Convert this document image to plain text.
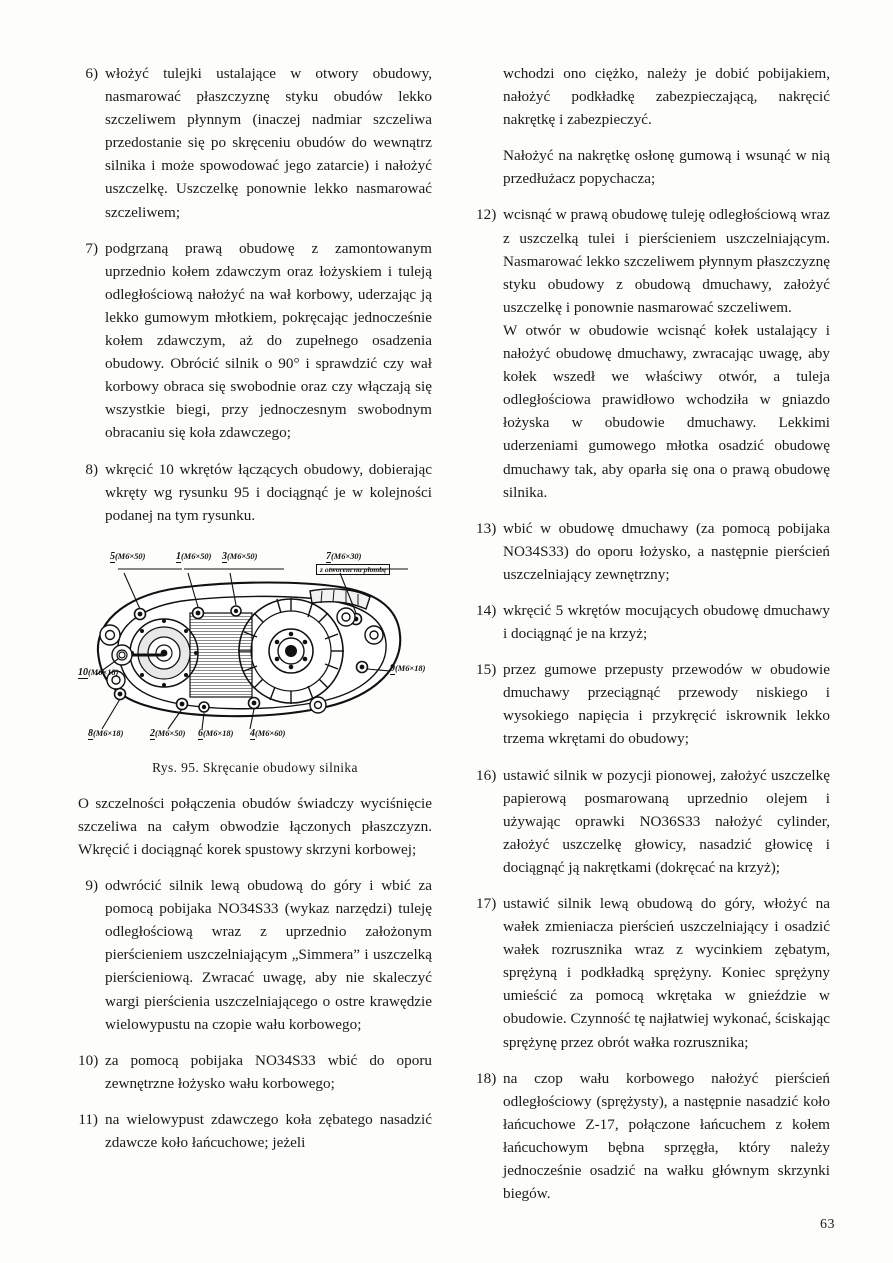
6) włożyć tulejki ustalające w otwory obudowy, nasmarować płaszczyznę styku obudów lekko szczeliwem płynnym (inaczej nadmiar szczeliwa przedostanie się po skręceniu obudów do wewnątrz silnika i może spowodować jego zatarcie) i nałożyć uszczelkę. Uszczelkę ponownie lekko nasmarować szczeliwem;
7) podgrzaną prawą obudowę z zamontowanym uprzednio kołem zdawczym oraz łożyskiem i tuleją odległościową nałożyć na wał korbowy, uderzając ją lekko gumowym młotkiem, pokręcając jednocześnie kołem zdawczym, aż do zupełnego osadzenia obudowy. Obrócić silnik o 90° i sprawdzić czy wał korbowy obraca się swobodnie oraz czy włączają się wszystkie biegi, przy jednoczesnym swobodnym obracaniu się koła zdawczego;
8) wkręcić 10 wkrętów łączących obudowy, dobierając wkręty wg rysunku 95 i dociągnąć je w kolejności podanej na tym rysunku.
5(M6×50)	1(M6×50) 3(M6×50)	7(M6×30)
z otworem na plombę
9(M6×18)
10(M6×18)
8(M6×18)	2(M6×50) 6(M6×18) 4(M6×60)
Rys. 95. Skręcanie obudowy silnika
O szczelności połączenia obudów świadczy wyciśnięcie szczeliwa na całym obwodzie łączonych płaszczyzn. Wkręcić i dociągnąć korek spustowy skrzyni korbowej;
9) odwrócić silnik lewą obudową do góry i wbić za pomocą pobijaka NO34S33 (wykaz narzędzi) tuleję odległościową wraz z uprzednio założonym pierścieniem uszczelniającym „Simmera” i uszczelką pierścieniową. Zwracać uwagę, aby nie skaleczyć wargi pierścienia uszczelniającego o ostre krawędzie wielowypustu na czopie wału korbowego;
10) za pomocą pobijaka NO34S33 wbić do oporu zewnętrzne łożysko wału korbowego;
11) na wielowypust zdawczego koła zębatego nasadzić zdawcze koło łańcuchowe; jeżeli
wchodzi ono ciężko, należy je dobić pobijakiem, nałożyć podkładkę zabezpieczającą, nakręcić nakrętkę i zabezpieczyć.
Nałożyć na nakrętkę osłonę gumową i wsunąć w nią przedłużacz popychacza;
12) wcisnąć w prawą obudowę tuleję odległościową wraz z uszczelką tulei i pierścieniem uszczelniającym. Nasmarować lekko szczeliwem płynnym płaszczyznę styku obudowy z obudową dmuchawy, założyć uszczelkę i ponownie nasmarować szczeliwem.

W otwór w obudowie wcisnąć kołek ustalający i nałożyć obudowę dmuchawy, zwracając uwagę, aby kołek wszedł we właściwy otwór, a tuleja odległościowa prawidłowo wchodziła w gniazdo łożyska w obudowie dmuchawy. Lekkimi uderzeniami gumowego młotka osadzić obudowę dmuchawy tak, aby oparła się ona o prawą obudowę silnika.

13) wbić w obudowę dmuchawy (za pomocą pobijaka NO34S33) do oporu łożysko, a następnie pierścień uszczelniający zewnętrzny;
14) wkręcić 5 wkrętów mocujących obudowę dmuchawy i dociągnąć je na krzyż;
15) przez gumowe przepusty przewodów w obudowie dmuchawy przeciągnąć przewody niskiego i wysokiego napięcia i przykręcić iskrownik lekko trzema wkrętami do obudowy;
16) ustawić silnik w pozycji pionowej, założyć uszczelkę papierową posmarowaną uprzednio olejem i używając oprawki NO36S33 nałożyć cylinder, założyć uszczelkę głowicy, nasadzić głowicę i dociągnąć ją nakrętkami (dokręcać na krzyż);
17) ustawić silnik lewą obudową do góry, włożyć na wałek zmieniacza pierścień uszczelniający i osadzić wałek rozrusznika wraz z wycinkiem zębatym, sprężyną i podkładką sprężyny. Koniec sprężyny umieścić za pomocą wkrętaka w gnieździe w obudowie. Czynność tę najłatwiej wykonać, ściskając sprężynę przez obrót wałka rozrusznika;
18) na czop wału korbowego nałożyć pierścień odległościowy (sprężysty), a następnie nasadzić koło łańcuchowe Z-17, połączone łańcuchem z kołem łańcuchowym bębna sprzęgła, który należy jednocześnie osadzić na wałku głównym skrzynki biegów.
63
